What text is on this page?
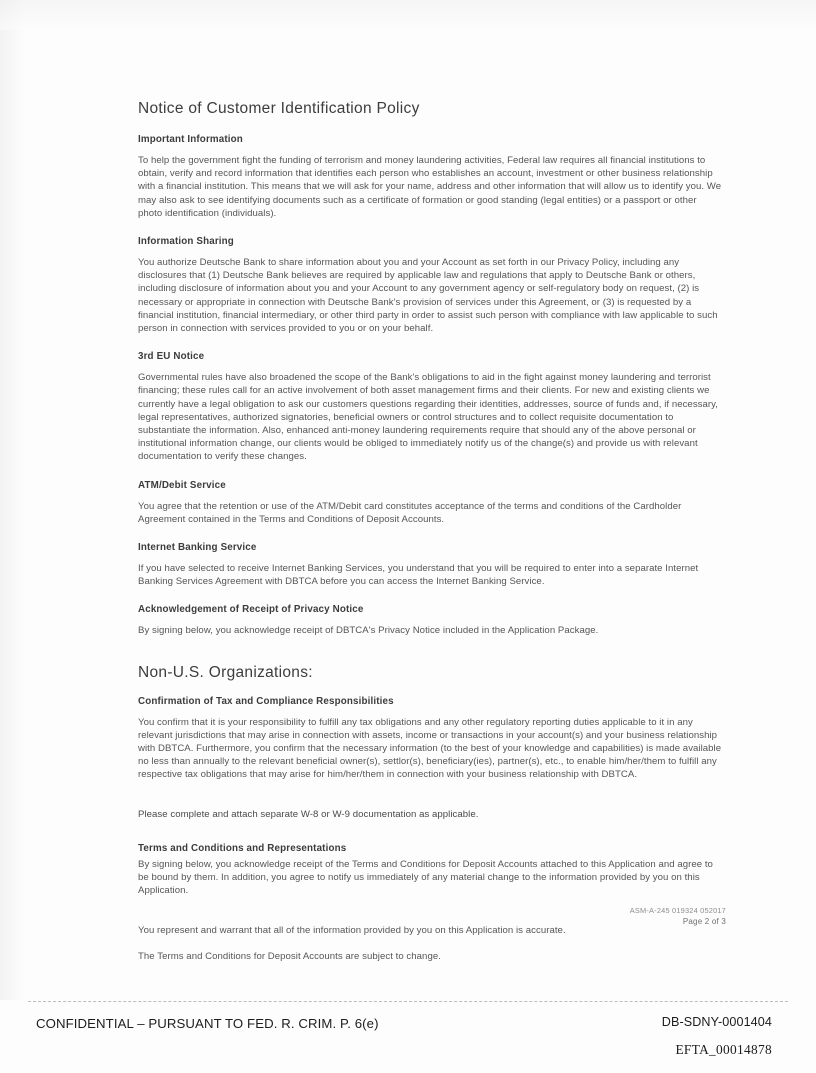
Notice of Customer Identification Policy
Important Information

To help the government fight the funding of terrorism and money laundering activities, Federal law requires all financial institutions to obtain, verify and record information that identifies each person who establishes an account, investment or other business relationship with a financial institution. This means that we will ask for your name, address and other information that will allow us to identify you. We may also ask to see identifying documents such as a certificate of formation or good standing (legal entities) or a passport or other photo identification (individuals).

Information Sharing

You authorize Deutsche Bank to share information about you and your Account as set forth in our Privacy Policy, including any disclosures that (1) Deutsche Bank believes are required by applicable law and regulations that apply to Deutsche Bank or others, including disclosure of information about you and your Account to any government agency or self-regulatory body on request, (2) is necessary or appropriate in connection with Deutsche Bank's provision of services under this Agreement, or (3) is requested by a financial institution, financial intermediary, or other third party in order to assist such person with compliance with law applicable to such person in connection with services provided to you or on your behalf.

3rd EU Notice

Governmental rules have also broadened the scope of the Bank's obligations to aid in the fight against money laundering and terrorist financing; these rules call for an active involvement of both asset management firms and their clients. For new and existing clients we currently have a legal obligation to ask our customers questions regarding their identities, addresses, source of funds and, if necessary, legal representatives, authorized signatories, beneficial owners or control structures and to collect requisite documentation to substantiate the information. Also, enhanced anti-money laundering requirements require that should any of the above personal or institutional information change, our clients would be obliged to immediately notify us of the change(s) and provide us with relevant documentation to verify these changes.

ATM/Debit Service

You agree that the retention or use of the ATM/Debit card constitutes acceptance of the terms and conditions of the Cardholder Agreement contained in the Terms and Conditions of Deposit Accounts.

Internet Banking Service

If you have selected to receive Internet Banking Services, you understand that you will be required to enter into a separate Internet Banking Services Agreement with DBTCA before you can access the Internet Banking Service.

Acknowledgement of Receipt of Privacy Notice

By signing below, you acknowledge receipt of DBTCA's Privacy Notice included in the Application Package.

Non-U.S. Organizations:
Confirmation of Tax and Compliance Responsibilities

You confirm that it is your responsibility to fulfill any tax obligations and any other regulatory reporting duties applicable to it in any relevant jurisdictions that may arise in connection with assets, income or transactions in your account(s) and your business relationship with DBTCA. Furthermore, you confirm that the necessary information (to the best of your knowledge and capabilities) is made available no less than annually to the relevant beneficial owner(s), settlor(s), beneficiary(ies), partner(s), etc., to enable him/her/them to fulfill any respective tax obligations that may arise for him/her/them in connection with your business relationship with DBTCA.

Please complete and attach separate W-8 or W-9 documentation as applicable.

Terms and Conditions and Representations

By signing below, you acknowledge receipt of the Terms and Conditions for Deposit Accounts attached to this Application and agree to be bound by them. In addition, you agree to notify us immediately of any material change to the information provided by you on this Application.

You represent and warrant that all of the information provided by you on this Application is accurate.

The Terms and Conditions for Deposit Accounts are subject to change.

ASM-A-245 019324 052017
Page 2 of 3
CONFIDENTIAL – PURSUANT TO FED. R. CRIM. P. 6(e)	DB-SDNY-0001404
EFTA_00014878
